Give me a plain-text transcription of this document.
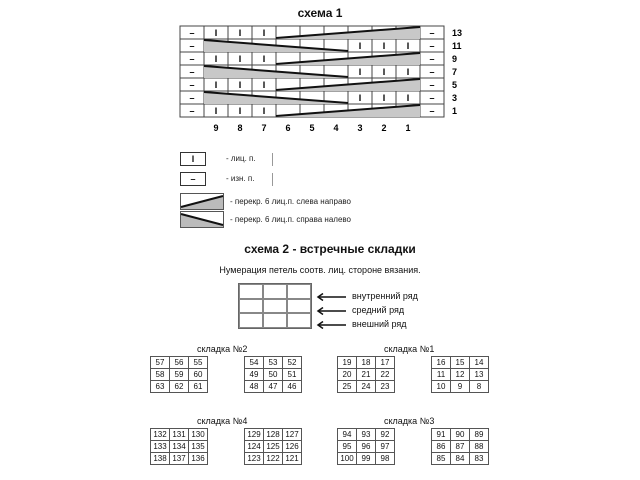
схема 1
– I I I	–
–	I I I –
– I I I	–
–	I I I –
– I I I	–
–	I I I –
– I I I	–
13
11
9
7
5
3
1
9 8 7 6 5 4 3 2 1
I	- лиц. п.
–	- изн. п.
- перекр. 6 лиц.п. слева направо
- перекр. 6 лиц.п. справа налево
схема 2 - встречные складки
Нумерация петель соотв. лиц. стороне вязания.
внутренний ряд
средний ряд
внешний ряд
складка №2
57	56	55
58	59	60
63	62	61
54	53	52
49	50	51
48	47	46
складка №1
19	18	17
20	21	22
25	24	23
16	15	14
11	12	13
10	9	8
складка №4
132	131	130
133	134	135
138	137	136
129	128	127
124	125	126
123	122	121
складка №3
94	93	92
95	96	97
100	99	98
91	90	89
86	87	88
85	84	83
